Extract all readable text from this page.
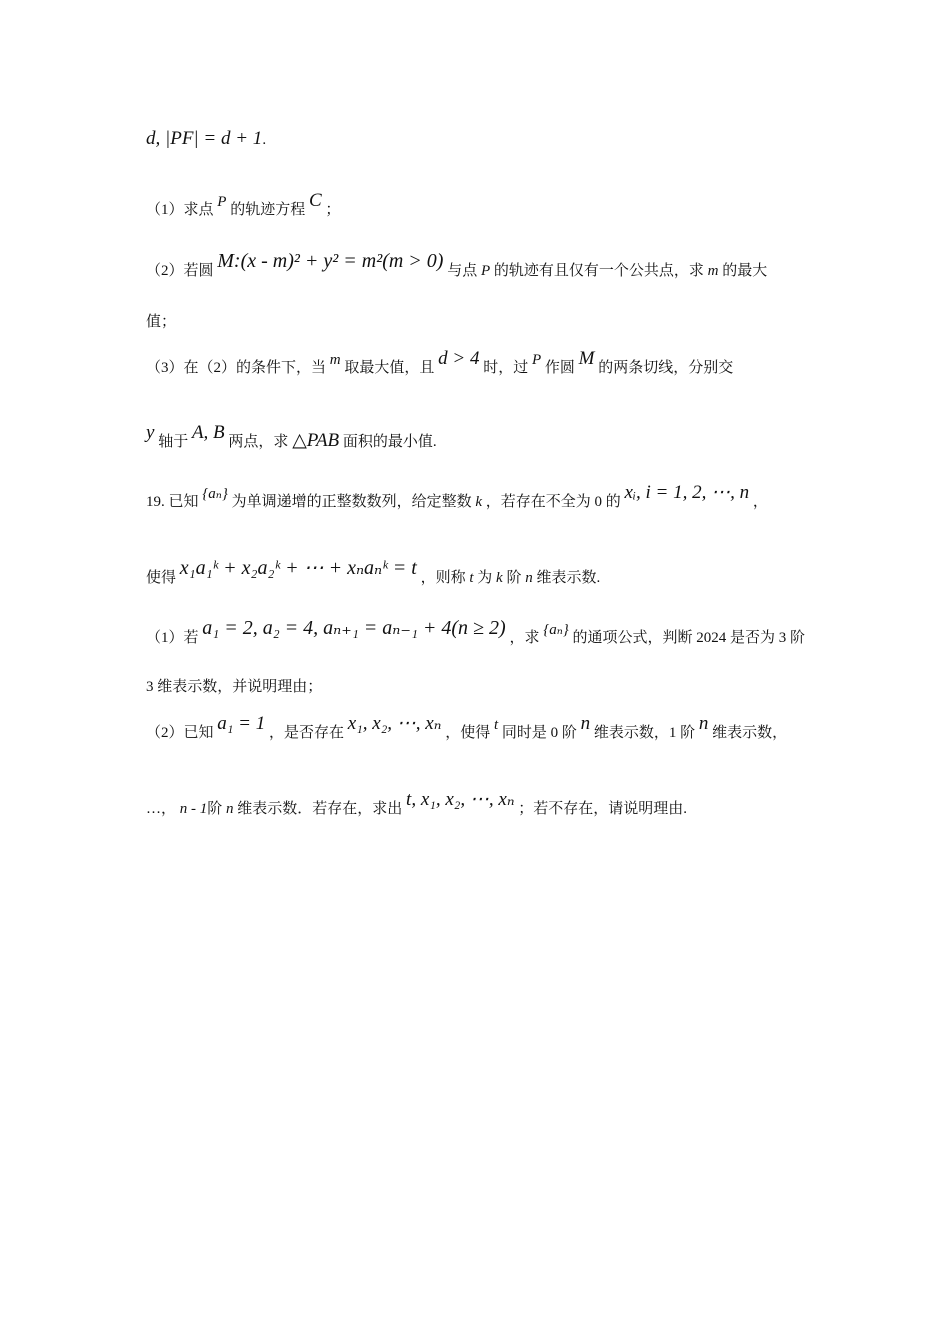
d, |PF| = d + 1.
（1）求点 P 的轨迹方程 C ；
（2）若圆 M:(x - m)² + y² = m²(m > 0) 与点 P 的轨迹有且仅有一个公共点，求 m 的最大
值；
（3）在（2）的条件下，当 m 取最大值，且 d > 4 时，过 P 作圆 M 的两条切线，分别交
y 轴于 A, B 两点，求 △PAB 面积的最小值.
19. 已知 {aₙ} 为单调递增的正整数数列，给定整数 k ，若存在不全为 0 的 xᵢ, i = 1, 2, ⋯, n ，
使得 x₁a₁ᵏ + x₂a₂ᵏ + ⋯ + xₙaₙᵏ = t ，则称 t 为 k 阶 n 维表示数.
（1）若 a₁ = 2, a₂ = 4, aₙ₊₁ = aₙ₋₁ + 4(n ≥ 2) ，求 {aₙ} 的通项公式，判断 2024 是否为 3 阶
3 维表示数，并说明理由；
（2）已知 a₁ = 1 ，是否存在 x₁, x₂, ⋯, xₙ ，使得 t 同时是 0 阶 n 维表示数，1 阶 n 维表示数，
…， n - 1阶 n 维表示数．若存在，求出 t, x₁, x₂, ⋯, xₙ ；若不存在，请说明理由.
